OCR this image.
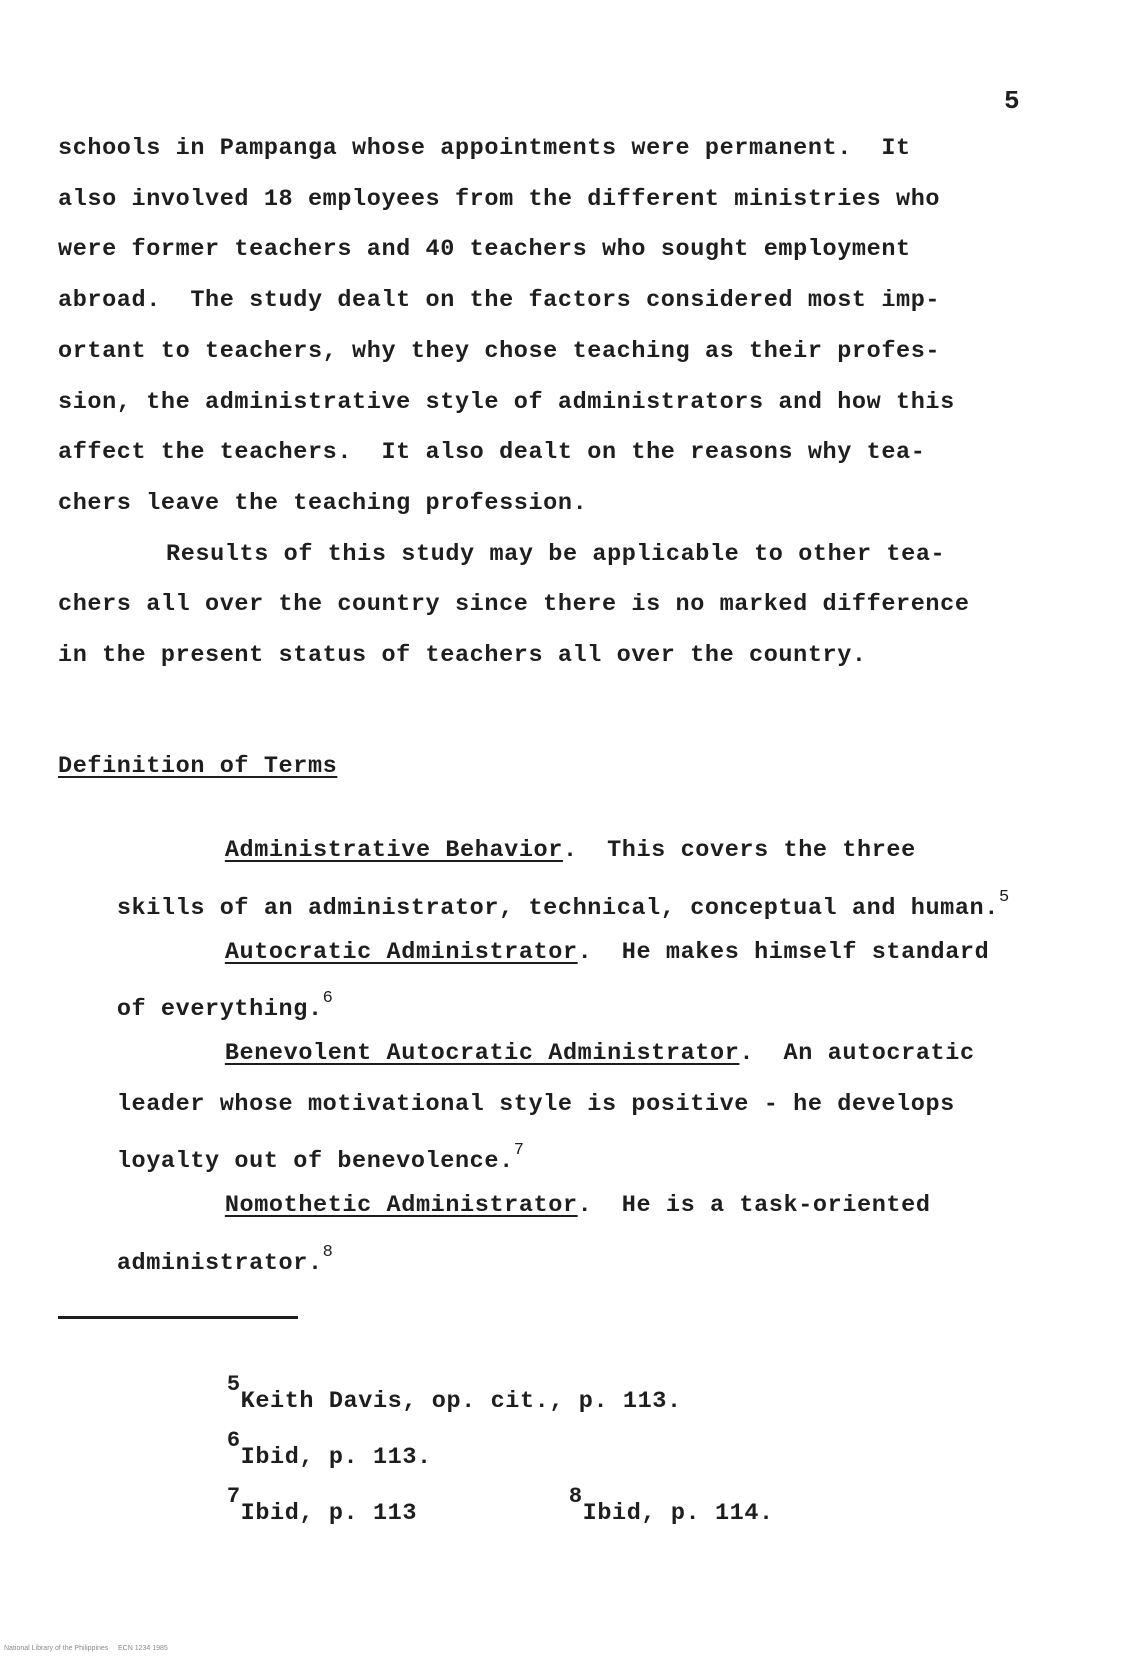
5
schools in Pampanga whose appointments were permanent.  It
also involved 18 employees from the different ministries who
were former teachers and 40 teachers who sought employment
abroad.  The study dealt on the factors considered most imp-
ortant to teachers, why they chose teaching as their profes-
sion, the administrative style of administrators and how this
affect the teachers.  It also dealt on the reasons why tea-
chers leave the teaching profession.
Results of this study may be applicable to other tea-
chers all over the country since there is no marked difference
in the present status of teachers all over the country.
Definition of Terms

Administrative Behavior.  This covers the three

skills of an administrator, technical, conceptual and human.$^5$

Autocratic Administrator.  He makes himself standard

of everything.$^6$

Benevolent Autocratic Administrator.  An autocratic

leader whose motivational style is positive - he develops

loyalty out of benevolence.$^7$

Nomothetic Administrator.  He is a task-oriented

administrator.$^8$

$^5$Keith Davis, op. cit., p. 113.

$^6$Ibid, p. 113.

$^7$Ibid, p. 113

$^8$Ibid, p. 114.

National Library of the Philippines     ECN 1234 1985
